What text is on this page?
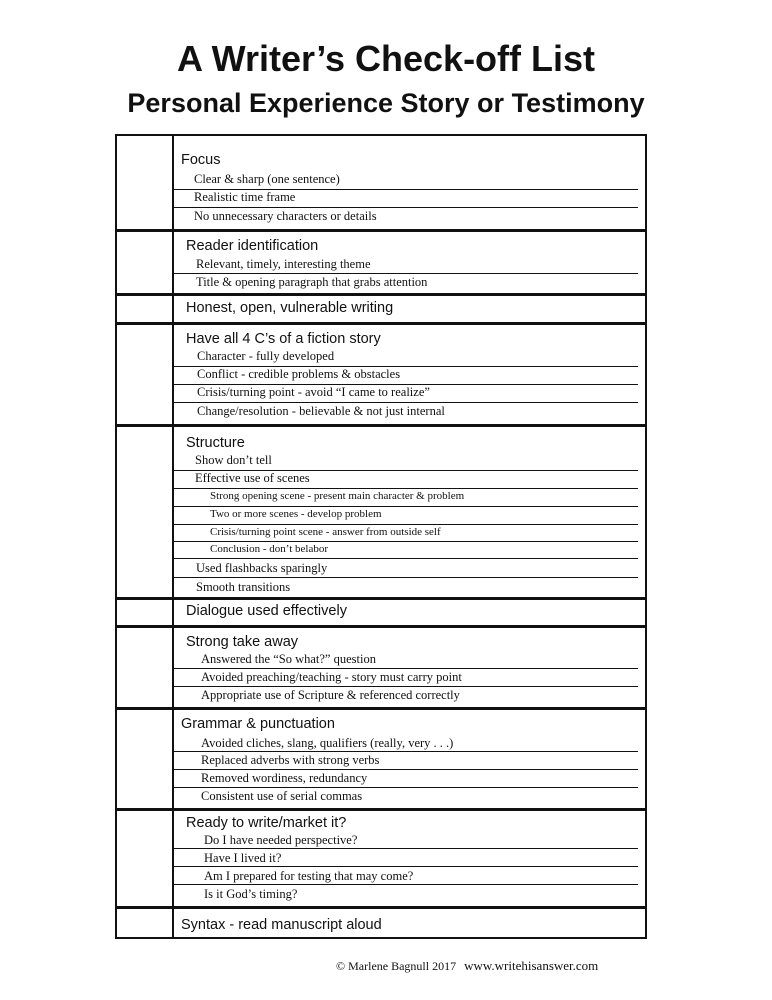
A Writer’s Check-off List
Personal Experience Story or Testimony
Focus
Clear & sharp (one sentence)
Realistic time frame
No unnecessary characters or details
Reader identification
Relevant, timely, interesting theme
Title & opening paragraph that grabs attention
Honest, open, vulnerable writing
Have all 4 C’s of a fiction story
Character - fully developed
Conflict - credible problems & obstacles
Crisis/turning point - avoid “I came to realize”
Change/resolution - believable & not just internal
Structure
Show don’t tell
Effective use of scenes
Strong opening scene - present main character & problem
Two or more scenes - develop problem
Crisis/turning point scene - answer from outside self
Conclusion - don’t belabor
Used flashbacks sparingly
Smooth transitions
Dialogue used effectively
Strong take away
Answered the “So what?” question
Avoided preaching/teaching - story must carry point
Appropriate use of Scripture & referenced correctly
Grammar & punctuation
Avoided cliches, slang, qualifiers (really, very . . .)
Replaced adverbs with strong verbs
Removed wordiness, redundancy
Consistent use of serial commas
Ready to write/market it?
Do I have needed perspective?
Have I lived it?
Am I prepared for testing that may come?
Is it God’s timing?
Syntax - read manuscript aloud
© Marlene Bagnull 2017 www.writehisanswer.com
